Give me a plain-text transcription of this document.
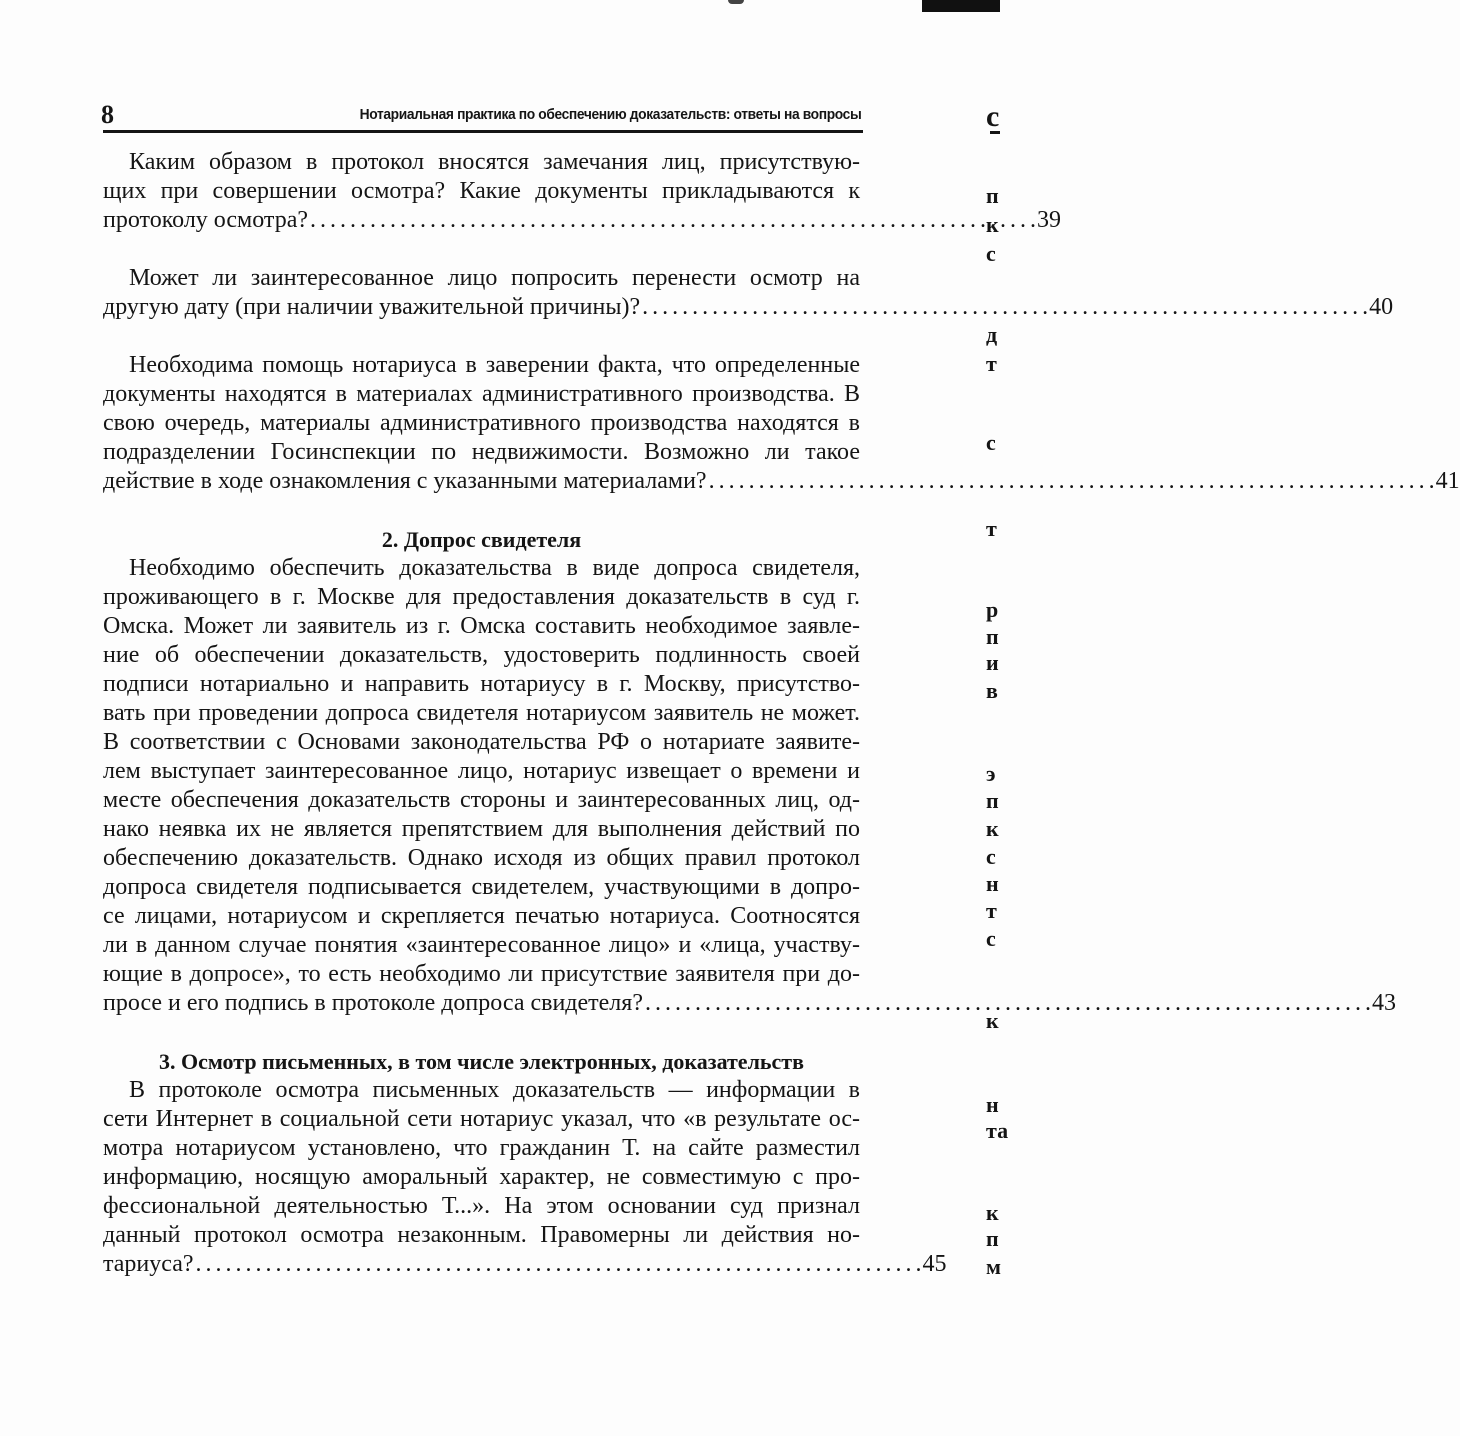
8	Нотариальная практика по обеспечению доказательств: ответы на вопросы
Каким образом в протокол вносятся замечания лиц, присутствую-
щих при совершении осмотра? Какие документы прикладываются к
протоколу осмотра? . . .	39
Может ли заинтересованное лицо попросить перенести осмотр на
другую дату (при наличии уважительной причины)? . . .	40
Необходима помощь нотариуса в заверении факта, что определенные
документы находятся в материалах административного производства. В
свою очередь, материалы административного производства находятся в
подразделении Госинспекции по недвижимости. Возможно ли такое
действие в ходе ознакомления с указанными материалами? . . .	41
2. Допрос свидетеля
Необходимо обеспечить доказательства в виде допроса свидетеля,
проживающего в г. Москве для предоставления доказательств в суд г.
Омска. Может ли заявитель из г. Омска составить необходимое заявле-
ние об обеспечении доказательств, удостоверить подлинность своей
подписи нотариально и направить нотариусу в г. Москву, присутство-
вать при проведении допроса свидетеля нотариусом заявитель не может.
В соответствии с Основами законодательства РФ о нотариате заявите-
лем выступает заинтересованное лицо, нотариус извещает о времени и
месте обеспечения доказательств стороны и заинтересованных лиц, од-
нако неявка их не является препятствием для выполнения действий по
обеспечению доказательств. Однако исходя из общих правил протокол
допроса свидетеля подписывается свидетелем, участвующими в допро-
се лицами, нотариусом и скрепляется печатью нотариуса. Соотносятся
ли в данном случае понятия «заинтересованное лицо» и «лица, участву-
ющие в допросе», то есть необходимо ли присутствие заявителя при до-
просе и его подпись в протоколе допроса свидетеля? . . .	43
3. Осмотр письменных, в том числе электронных, доказательств
В протоколе осмотра письменных доказательств — информации в
сети Интернет в социальной сети нотариус указал, что «в результате ос-
мотра нотариусом установлено, что гражданин Т. на сайте разместил
информацию, носящую аморальный характер, не совместимую с про-
фессиональной деятельностью Т...». На этом основании суд признал
данный протокол осмотра незаконным. Правомерны ли действия но-
тариуса? . . .	45
с
п
к
с
д
т
с
т
р
п
и
в
э
п
к
с
н
т
с
к
н
та
к
п
м
